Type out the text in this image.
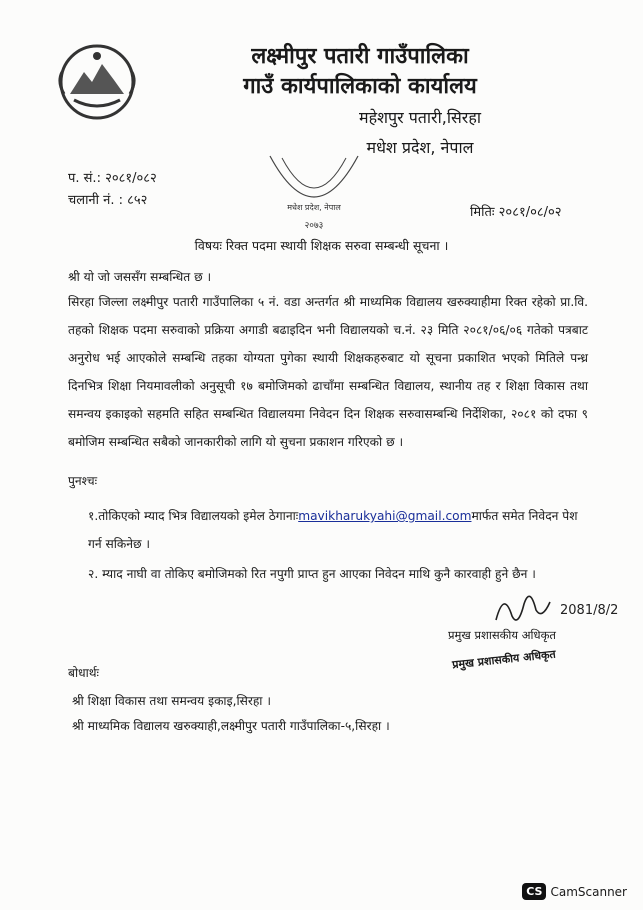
लक्ष्मीपुर पतारी गाउँपालिका
गाउँ कार्यपालिकाको कार्यालय
महेशपुर पतारी,सिरहा
मधेश प्रदेश, नेपाल
मधेश प्रदेश, नेपाल
२०७३
प. सं.: २०८१/०८२
चलानी नं. : ८५२
मितिः २०८१/०८/०२
विषयः रिक्त पदमा स्थायी शिक्षक सरुवा सम्बन्धी सूचना ।
श्री यो जो जससँग सम्बन्धित छ ।
सिरहा जिल्ला लक्ष्मीपुर पतारी गाउँपालिका ५ नं. वडा अन्तर्गत श्री माध्यमिक विद्यालय खरुक्याहीमा रिक्त रहेको प्रा.वि. तहको शिक्षक पदमा सरुवाको प्रक्रिया अगाडी बढाइदिन भनी विद्यालयको च.नं. २३ मिति २०८१/०६/०६ गतेको पत्रबाट अनुरोध भई आएकोले सम्बन्धि तहका योग्यता पुगेका स्थायी शिक्षकहरुबाट यो सूचना प्रकाशित भएको मितिले पन्ध्र दिनभित्र शिक्षा नियमावलीको अनुसूची १७ बमोजिमको ढाचाँमा सम्बन्धित विद्यालय, स्थानीय तह र शिक्षा विकास तथा समन्वय इकाइको सहमति सहित सम्बन्धित विद्यालयमा निवेदन दिन शिक्षक सरुवासम्बन्धि निर्देशिका, २०८१ को दफा ९ बमोजिम सम्बन्धित सबैको जानकारीको लागि यो सुचना प्रकाशन गरिएको छ ।
पुनश्चः
१.तोकिएको म्याद भित्र विद्यालयको इमेल ठेगानाःmavikharukyahi@gmail.comमार्फत समेत निवेदन पेश गर्न सकिनेछ ।
२. म्याद नाघी वा तोकिए बमोजिमको रित नपुगी प्राप्त हुन आएका निवेदन माथि कुनै कारवाही हुने छैन ।
2081/8/2
प्रमुख प्रशासकीय अधिकृत
प्रमुख प्रशासकीय अधिकृत
बोधार्थः
श्री शिक्षा विकास तथा समन्वय इकाइ,सिरहा ।
श्री माध्यमिक विद्यालय खरुक्याही,लक्ष्मीपुर पतारी गाउँपालिका-५,सिरहा ।
CS CamScanner
